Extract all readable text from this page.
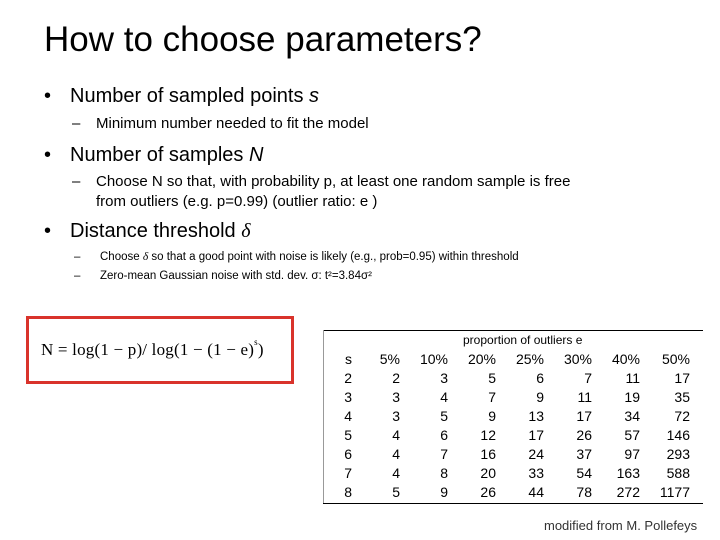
How to choose parameters?
• Number of sampled points s
– Minimum number needed to fit the model
• Number of samples N
– Choose N so that, with probability p, at least one random sample is free
from outliers (e.g. p=0.99) (outlier ratio: e )
• Distance threshold δ
– Choose δ so that a good point with noise is likely (e.g., prob=0.95) within threshold
– Zero-mean Gaussian noise with std. dev. σ: t²=3.84σ²
N = log(1 − p)/ $\log(1 - (1 - e)^s)$	proportion of outliers e
s	5%	10%	20%	25%	30%	40%	50%
2	2	3	5	6	7	11	17
3	3	4	7	9	11	19	35
4	3	5	9	13	17	34	72
5	4	6	12	17	26	57	146
6	4	7	16	24	37	97	293
7	4	8	20	33	54	163	588
8	5	9	26	44	78	272	1177
modified from M. Pollefeys
